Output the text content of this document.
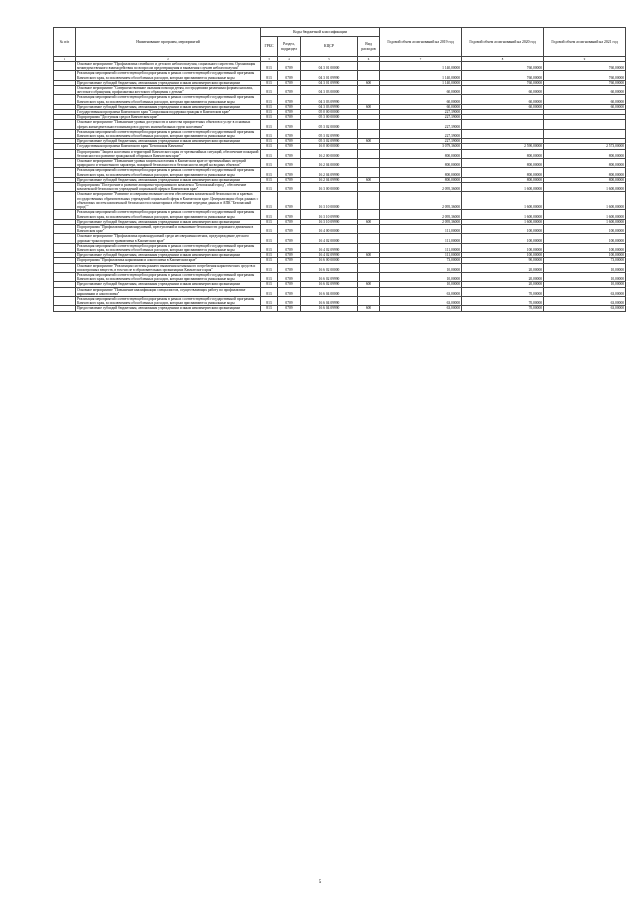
№ п/п	Наименование программ, мероприятий	Коды бюджетной классификации				Годовой объем ассигнований на 2019 год	Годовой объем ассигнований на 2020 год	Годовой объем ассигнований на 2021 год
		ГРБС	Раздел, подраздел	КЦСР	Вид расходов			
1	2	3	4	5	6	7	8	9
	Основное мероприятие "Профилактика семейного и детского неблагополучия, социального сиротства. Организация межведомственного взаимодействия по вопросам предотвращения и выявления случаев неблагополучия"	813	0709	04 3 01 00000		1 140,00000	760,00000	760,00000
	Реализация мероприятий соответствующей подпрограммы в рамках соответствующей государственной программы Камчатского края, за исключением обособленных расходов, которым присваиваются уникальные коды	813	0709	04 3 01 09990		1 140,00000	760,00000	760,00000
	Предоставление субсидий бюджетным, автономным учреждениям и иным некоммерческим организациям	813	0709	04 3 01 09990	600	1 140,00000	760,00000	760,00000
	Основное мероприятие "Совершенствование оказания помощи детям, пострадавшим различным формам насилия, жестокого обращения, профилактика жестокого обращения с детьми"	813	0709	04 3 03 00000		60,00000	60,00000	60,00000
	Реализация мероприятий соответствующей подпрограммы в рамках соответствующей государственной программы Камчатского края, за исключением обособленных расходов, которым присваиваются уникальные коды	813	0709	04 3 03 09990		60,00000	60,00000	60,00000
	Предоставление субсидий бюджетным, автономным учреждениям и иным некоммерческим организациям	813	0709	04 3 03 09990	600	60,00000	60,00000	60,00000
	Государственная программа Камчатского края "Социальная поддержка граждан в Камчатском крае"	813	0709	05 0 00 00000		227,39000		
	Подпрограмма "Доступная среда в Камчатском крае"	813	0709	05 3 00 00000		227,39000		
	Основное мероприятие "Повышение уровня доступности и качества приоритетных объектов и услуг в основных сферах жизнедеятельности инвалидов и других маломобильных групп населения"	813	0709	05 3 02 00000		227,39000		
	Реализация мероприятий соответствующей подпрограммы в рамках соответствующей государственной программы Камчатского края, за исключением обособленных расходов, которым присваиваются уникальные коды	813	0709	05 3 02 09990		227,39000		
	Предоставление субсидий бюджетным, автономным учреждениям и иным некоммерческим организациям	813	0709	05 3 02 09990	600	227,39000		
	Государственная программа Камчатского края "Безопасная Камчатка"	813	0709	16 0 00 00000		3 079,36000	2 590,00000	2 573,00000
	Подпрограмма "Защита населения и территорий Камчатского края от чрезвычайных ситуаций, обеспечение пожарной безопасности и развитие гражданской обороны в Камчатском крае"	813	0709	16 2 00 00000		800,00000	800,00000	800,00000
	Основное мероприятие "Повышение уровня защиты населения в Камчатском крае от чрезвычайных ситуаций природного и техногенного характера, пожарной безопасности и безопасности людей на водных объектах"	813	0709	16 2 04 00000		800,00000	800,00000	800,00000
	Реализация мероприятий соответствующей подпрограммы в рамках соответствующей государственной программы Камчатского края, за исключением обособленных расходов, которым присваиваются уникальные коды	813	0709	16 2 04 09990		800,00000	800,00000	800,00000
	Предоставление субсидий бюджетным, автономным учреждениям и иным некоммерческим организациям	813	0709	16 2 04 09990	600	800,00000	800,00000	800,00000
	Подпрограмма "Построение и развитие аппаратно-программного комплекса "Безопасный город", обеспечение комплексной безопасности учреждений социальной сферы в Камчатском крае"	813	0709	16 3 00 00000		2 095,36000	1 600,00000	1 600,00000
	Основное мероприятие "Развитие и совершенствование систем обеспечения комплексной безопасности и краевых государственных образовательных учреждений социальной сферы в Камчатском крае. Централизация сбора данных с объектовых систем комплексной безопасности и мониторинга обеспечение передачи данных в АПК "Безопасный город""	813	0709	16 3 10 00000		2 095,36000	1 600,00000	1 600,00000
	Реализация мероприятий соответствующей подпрограммы в рамках соответствующей государственной программы Камчатского края, за исключением обособленных расходов, которым присваиваются уникальные коды	813	0709	16 3 10 09990		2 095,36000	1 600,00000	1 600,00000
	Предоставление субсидий бюджетным, автономным учреждениям и иным некоммерческим организациям	813	0709	16 3 10 09990	600	2 095,36000	1 600,00000	1 600,00000
	Подпрограмма "Профилактика правонарушений, преступлений и повышение безопасности дорожного движения в Камчатском крае"	813	0709	16 4 00 00000		111,00000	100,00000	100,00000
	Основное мероприятие "Профилактика правонарушений среди несовершеннолетних, предупреждение детского дорожно-транспортного травматизма в Камчатском крае"	813	0709	16 4 02 00000		111,00000	100,00000	100,00000
	Реализация мероприятий соответствующей подпрограммы в рамках соответствующей государственной программы Камчатского края, за исключением обособленных расходов, которым присваиваются уникальные коды	813	0709	16 4 02 09990		111,00000	100,00000	100,00000
	Предоставление субсидий бюджетным, автономным учреждениям и иным некоммерческим организациям	813	0709	16 4 02 09990	600	111,00000	100,00000	100,00000
	Подпрограмма "Профилактика наркомании и алкоголизма в Камчатском крае"	813	0709	16 6 00 00000		73,00000	90,00000	73,00000
	Основное мероприятие "Реализация системы раннего выявления незаконного потребления наркотических средств и психотропных веществ, в том числе в образовательных организациях Камчатского края"	813	0709	16 6 02 00000		10,00000	20,00000	10,00000
	Реализация мероприятий соответствующей подпрограммы в рамках соответствующей государственной программы Камчатского края, за исключением обособленных расходов, которым присваиваются уникальные коды	813	0709	16 6 02 09990		10,00000	20,00000	10,00000
	Предоставление субсидий бюджетным, автономным учреждениям и иным некоммерческим организациям	813	0709	16 6 02 09990	600	10,00000	20,00000	10,00000
	Основное мероприятие "Повышение квалификации специалистов, осуществляющих работу по профилактике наркомании и алкоголизма"	813	0709	16 6 04 00000		63,00000	70,00000	63,00000
	Реализация мероприятий соответствующей подпрограммы в рамках соответствующей государственной программы Камчатского края, за исключением обособленных расходов, которым присваиваются уникальные коды	813	0709	16 6 04 09990		63,00000	70,00000	63,00000
	Предоставление субсидий бюджетным, автономным учреждениям и иным некоммерческим организациям	813	0709	16 6 04 09990	600	63,00000	70,00000	63,00000
5
